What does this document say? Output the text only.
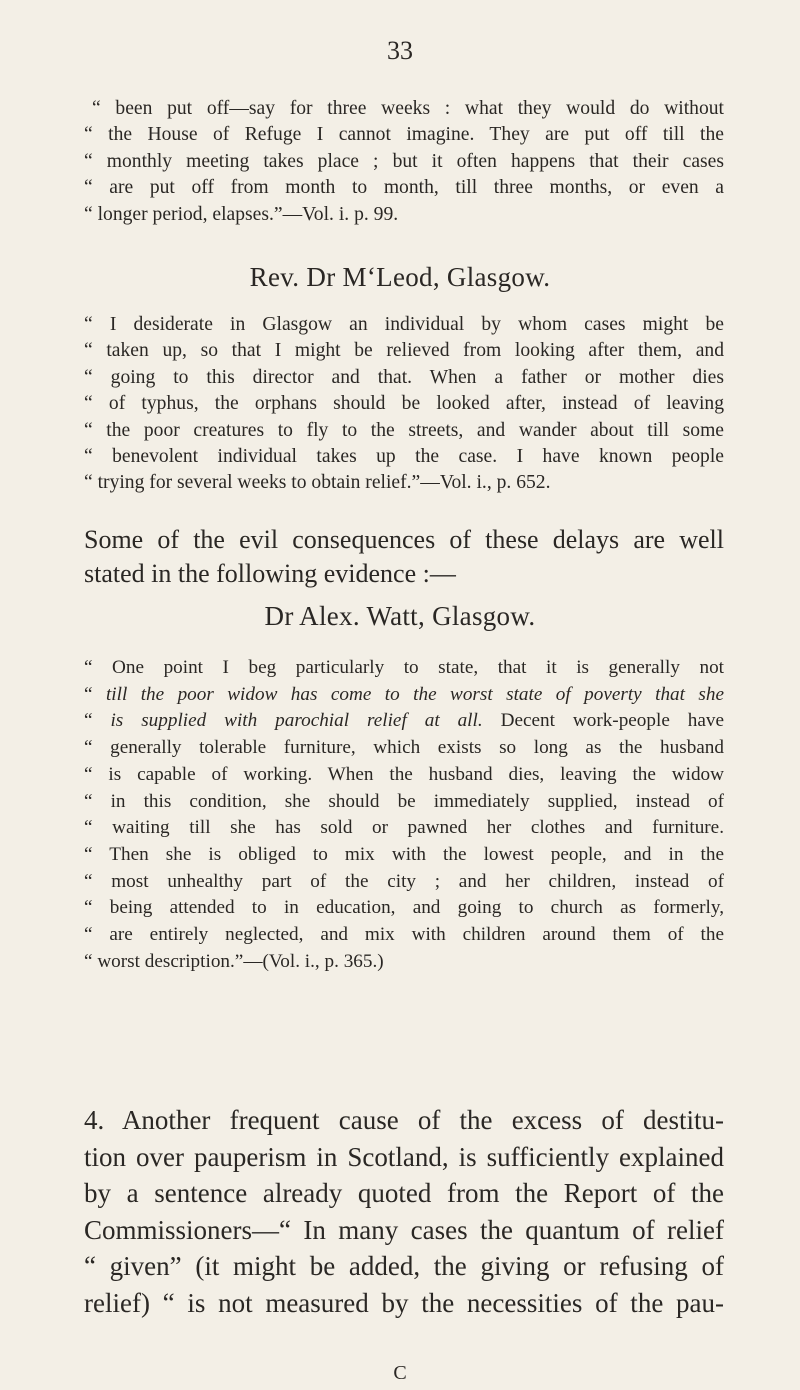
33
“ been put off—say for three weeks : what they would do without
“ the House of Refuge I cannot imagine. They are put off till the
“ monthly meeting takes place ; but it often happens that their cases
“ are put off from month to month, till three months, or even a
“ longer period, elapses.”—Vol. i. p. 99.
Rev. Dr M‘Leod, Glasgow.
“ I desiderate in Glasgow an individual by whom cases might be
“ taken up, so that I might be relieved from looking after them, and
“ going to this director and that. When a father or mother dies
“ of typhus, the orphans should be looked after, instead of leaving
“ the poor creatures to fly to the streets, and wander about till some
“ benevolent individual takes up the case. I have known people
“ trying for several weeks to obtain relief.”—Vol. i., p. 652.
Some of the evil consequences of these delays are well
stated in the following evidence :—
Dr Alex. Watt, Glasgow.
“ One point I beg particularly to state, that it is generally not
“ till the poor widow has come to the worst state of poverty that she
“ is supplied with parochial relief at all. Decent work-people have
“ generally tolerable furniture, which exists so long as the husband
“ is capable of working. When the husband dies, leaving the widow
“ in this condition, she should be immediately supplied, instead of
“ waiting till she has sold or pawned her clothes and furniture.
“ Then she is obliged to mix with the lowest people, and in the
“ most unhealthy part of the city ; and her children, instead of
“ being attended to in education, and going to church as formerly,
“ are entirely neglected, and mix with children around them of the
“ worst description.”—(Vol. i., p. 365.)
4. Another frequent cause of the excess of destitu-
tion over pauperism in Scotland, is sufficiently explained
by a sentence already quoted from the Report of the
Commissioners—“ In many cases the quantum of relief
“ given” (it might be added, the giving or refusing of
relief) “ is not measured by the necessities of the pau-
C
